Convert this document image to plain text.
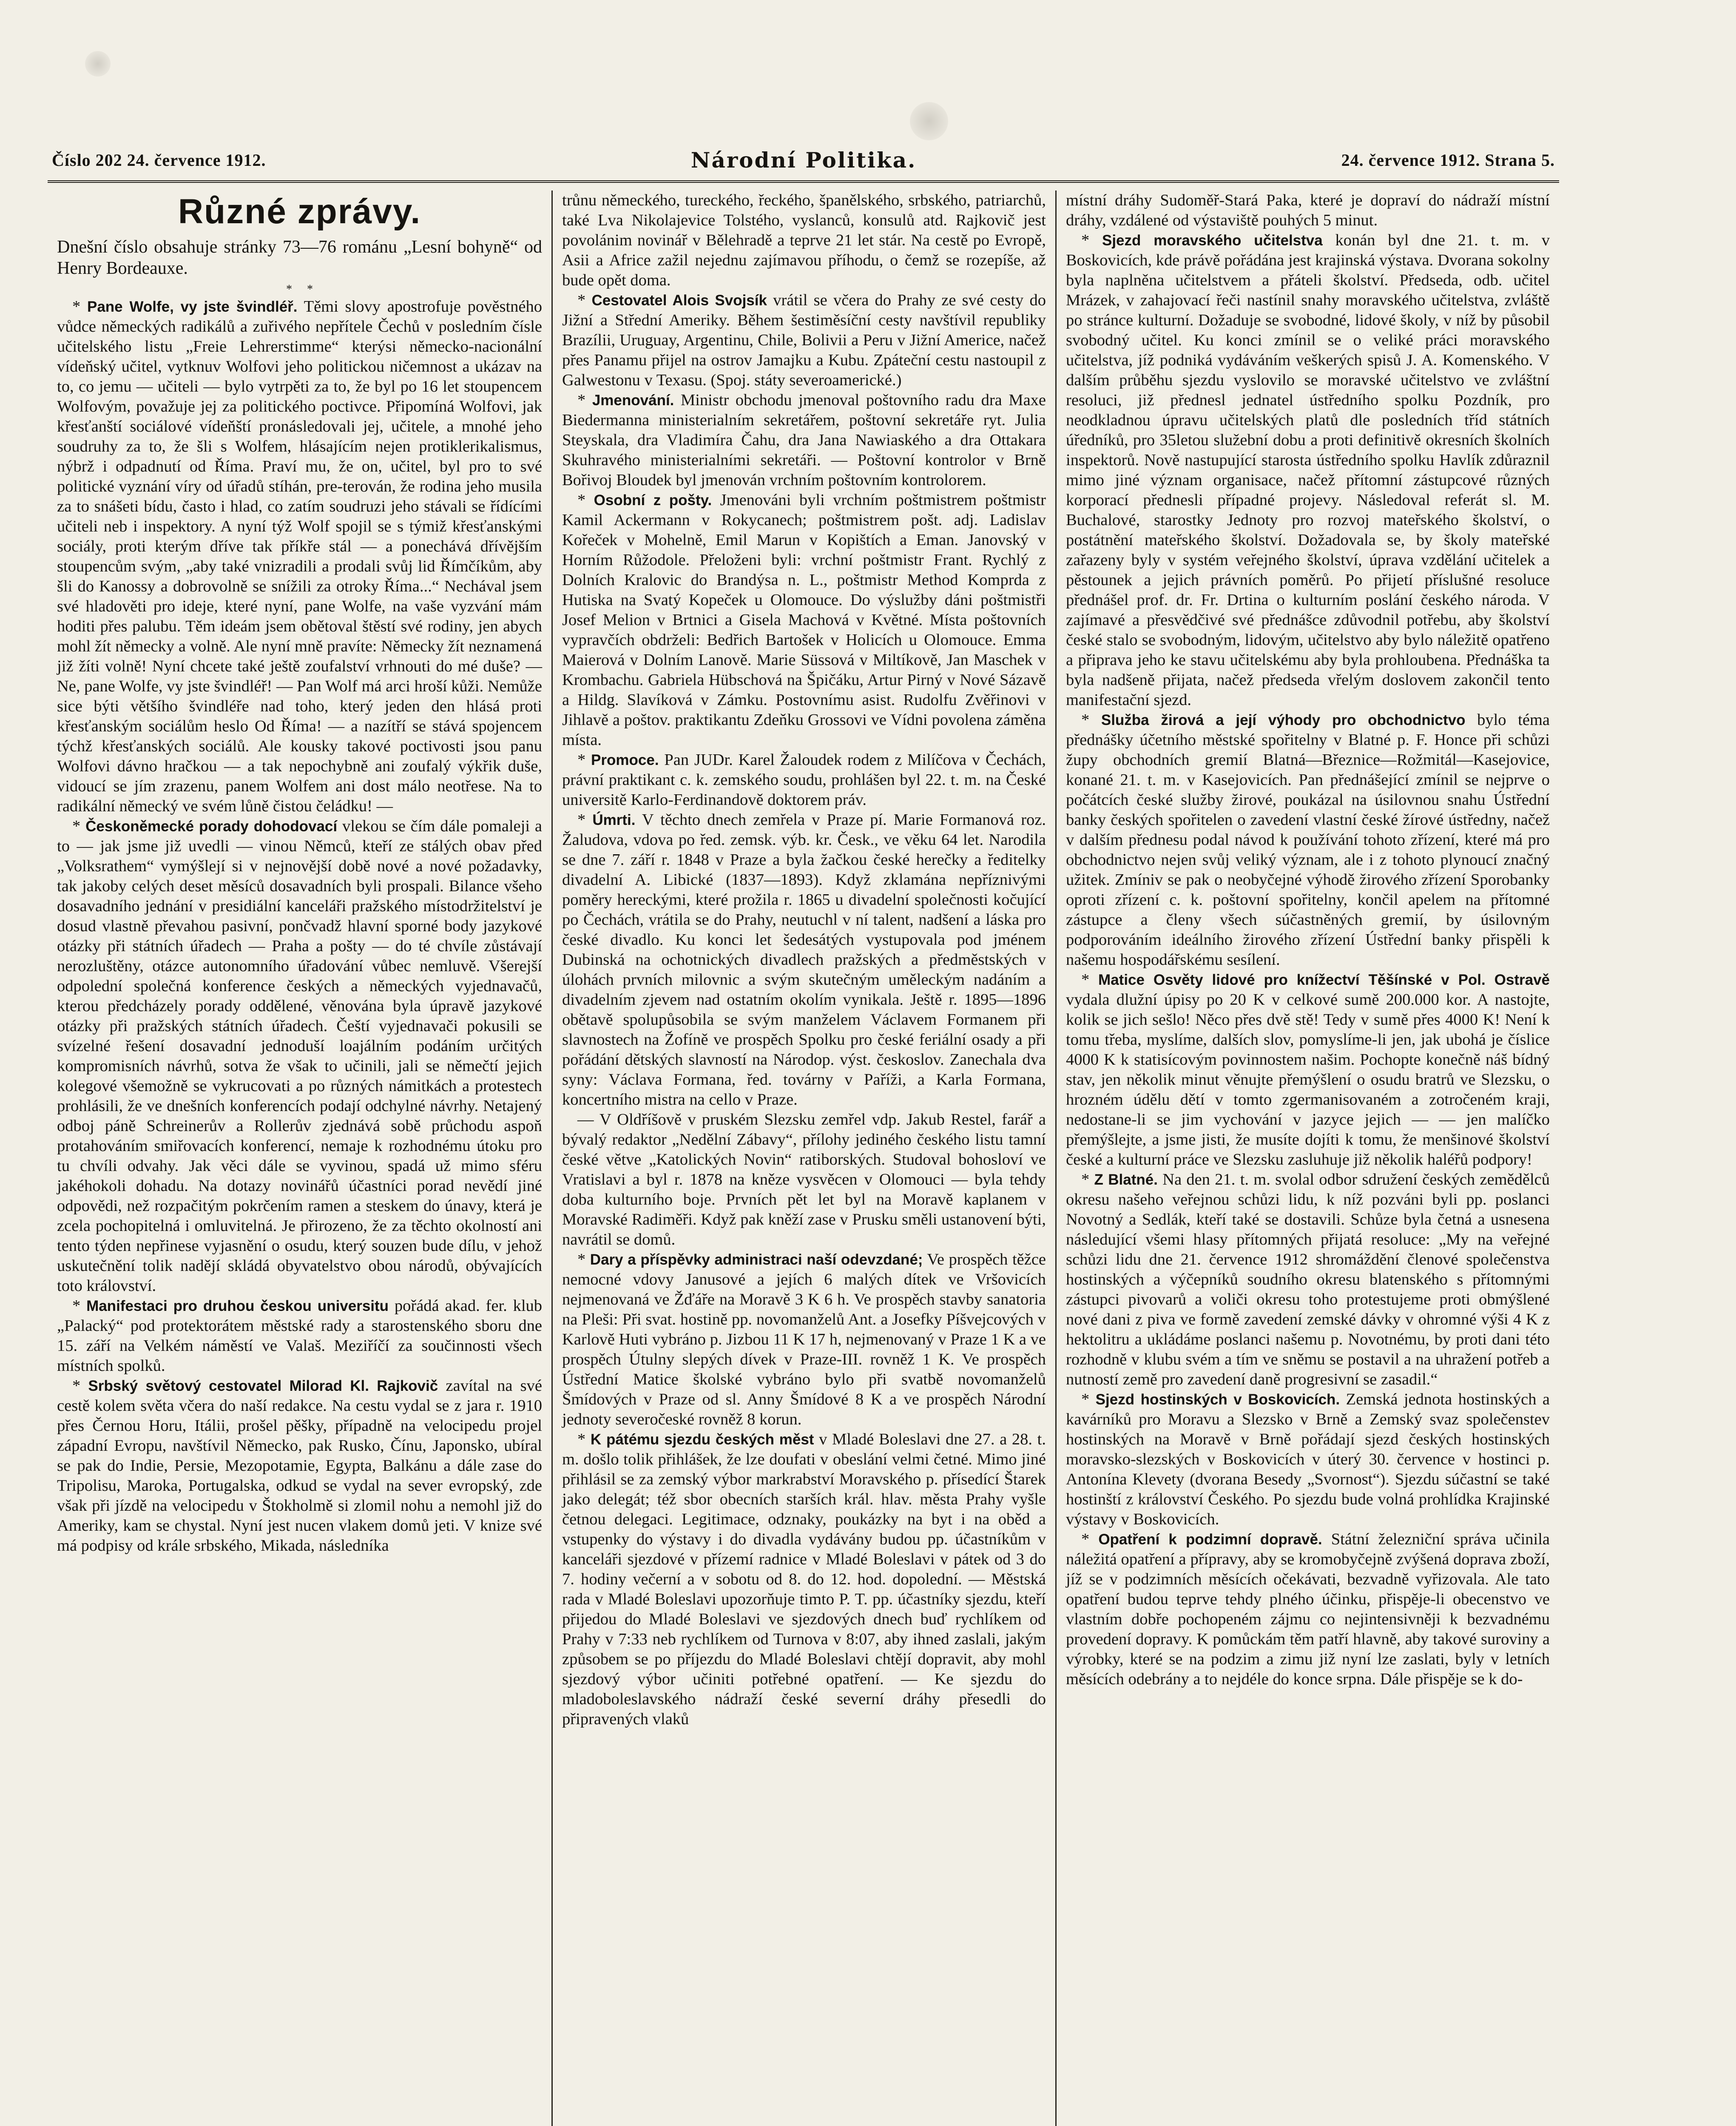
Číslo 202 24. července 1912.	Národní Politika.	24. července 1912. Strana 5.
Různé zprávy.
Dnešní číslo obsahuje stránky 73—76 románu „Lesní bohyně“ od Henry Bordeauxe.
*     *

* Pane Wolfe, vy jste švindléř. Těmi slovy apostrofuje pověstného vůdce německých radikálů a zuřivého nepřítele Čechů v posledním čísle učitelského listu „Freie Lehrerstimme“ kterýsi německo-nacionální vídeňský učitel, vytknuv Wolfovi jeho politickou ničemnost a ukázav na to, co jemu — učiteli — bylo vytrpěti za to, že byl po 16 let stoupencem Wolfovým, považuje jej za politického poctivce. Připomíná Wolfovi, jak křesťanští sociálové vídeňští pronásledovali jej, učitele, a mnohé jeho soudruhy za to, že šli s Wolfem, hlásajícím nejen protiklerikalismus, nýbrž i odpadnutí od Říma. Praví mu, že on, učitel, byl pro to své politické vyznání víry od úřadů stíhán, pre-terován, že rodina jeho musila za to snášeti bídu, často i hlad, co zatím soudruzi jeho stávali se řídícími učiteli neb i inspektory. A nyní týž Wolf spojil se s týmiž křesťanskými sociály, proti kterým dříve tak příkře stál — a ponechává dřívějším stoupencům svým, „aby také vnizradili a prodali svůj lid Římčíkům, aby šli do Kanossy a dobrovolně se snížili za otroky Říma...“ Nechával jsem své hladověti pro ideje, které nyní, pane Wolfe, na vaše vyzvání mám hoditi přes palubu. Těm ideám jsem obětoval štěstí své rodiny, jen abych mohl žít německy a volně. Ale nyní mně pravíte: Německy žít neznamená již žíti volně! Nyní chcete také ještě zoufalství vrhnouti do mé duše? — Ne, pane Wolfe, vy jste švindléř! — Pan Wolf má arci hroší kůži. Nemůže sice býti většího švindléře nad toho, který jeden den hlásá proti křesťanským sociálům heslo Od Říma! — a nazítří se stává spojencem týchž křesťanských sociálů. Ale kousky takové poctivosti jsou panu Wolfovi dávno hračkou — a tak nepochybně ani zoufalý výkřik duše, vidoucí se jím zrazenu, panem Wolfem ani dost málo neotřese. Na to radikální německý ve svém lůně čistou čeládku! —

* Českoněmecké porady dohodovací vlekou se čím dále pomaleji a to — jak jsme již uvedli — vinou Němců, kteří ze stálých obav před „Volksrathem“ vymýšlejí si v nejnovější době nové a nové požadavky, tak jakoby celých deset měsíců dosavadních byli prospali. Bilance všeho dosavadního jednání v presidiální kanceláři pražského místodržitelství je dosud vlastně převahou pasivní, pončvadž hlavní sporné body jazykové otázky při státních úřadech — Praha a pošty — do té chvíle zůstávají nerozluštěny, otázce autonomního úřadování vůbec nemluvě. Všerejší odpolední společná konference českých a německých vyjednavačů, kterou předcházely porady oddělené, věnována byla úpravě jazykové otázky při pražských státních úřadech. Čeští vyjednavači pokusili se svízelné řešení dosavadní jednoduší loajálním podáním určitých kompromisních návrhů, sotva že však to učinili, jali se němečtí jejich kolegové všemožně se vykrucovati a po různých námitkách a protestech prohlásili, že ve dnešních konferencích podají odchylné návrhy. Netajený odboj páně Schreinerův a Rollerův zjednává sobě průchodu aspoň protahováním smiřovacích konferencí, nemaje k rozhodnému útoku pro tu chvíli odvahy. Jak věci dále se vyvinou, spadá už mimo sféru jakéhokoli dohadu. Na dotazy novinářů účastníci porad nevědí jiné odpovědi, než rozpačitým pokrčením ramen a steskem do únavy, která je zcela pochopitelná i omluvitelná. Je přirozeno, že za těchto okolností ani tento týden nepřinese vyjasnění o osudu, který souzen bude dílu, v jehož uskutečnění tolik nadějí skládá obyvatelstvo obou národů, obývajících toto království.

* Manifestaci pro druhou českou universitu pořádá akad. fer. klub „Palacký“ pod protektorátem městské rady a starostenského sboru dne 15. září na Velkém náměstí ve Valaš. Meziříčí za součinnosti všech místních spolků.

* Srbský světový cestovatel Milorad Kl. Rajkovič zavítal na své cestě kolem světa včera do naší redakce. Na cestu vydal se z jara r. 1910 přes Černou Horu, Itálii, prošel pěšky, případně na velocipedu projel západní Evropu, navštívil Německo, pak Rusko, Čínu, Japonsko, ubíral se pak do Indie, Persie, Mezopotamie, Egypta, Balkánu a dále zase do Tripolisu, Maroka, Portugalska, odkud se vydal na sever evropský, zde však při jízdě na velocipedu v Štokholmě si zlomil nohu a nemohl již do Ameriky, kam se chystal. Nyní jest nucen vlakem domů jeti. V knize své má podpisy od krále srbského, Mikada, následníka

trůnu německého, tureckého, řeckého, španělského, srbského, patriarchů, také Lva Nikolajevice Tolstého, vyslanců, konsulů atd. Rajkovič jest povolánim novinář v Bělehradě a teprve 21 let stár. Na cestě po Evropě, Asii a Africe zažil nejednu zajímavou příhodu, o čemž se rozepíše, až bude opět doma.

* Cestovatel Alois Svojsík vrátil se včera do Prahy ze své cesty do Jižní a Střední Ameriky. Během šestiměsíční cesty navštívil republiky Brazílii, Uruguay, Argentinu, Chile, Bolivii a Peru v Jižní Americe, načež přes Panamu přijel na ostrov Jamajku a Kubu. Zpáteční cestu nastoupil z Galwestonu v Texasu. (Spoj. státy severoamerické.)

* Jmenování. Ministr obchodu jmenoval poštovního radu dra Maxe Biedermanna ministerialním sekretářem, poštovní sekretáře ryt. Julia Steyskala, dra Vladimíra Čahu, dra Jana Nawiaského a dra Ottakara Skuhravého ministerialními sekretáři. — Poštovní kontrolor v Brně Bořivoj Bloudek byl jmenován vrchním poštovním kontrolorem.

* Osobní z pošty. Jmenováni byli vrchním poštmistrem poštmistr Kamil Ackermann v Rokycanech; poštmistrem pošt. adj. Ladislav Kořeček v Mohelně, Emil Marun v Kopištích a Eman. Janovský v Horním Růžodole. Přeloženi byli: vrchní poštmistr Frant. Rychlý z Dolních Kralovic do Brandýsa n. L., poštmistr Method Komprda z Hutiska na Svatý Kopeček u Olomouce. Do výslužby dáni poštmistři Josef Melion v Brtnici a Gisela Machová v Květné. Místa poštovních vypravčích obdrželi: Bedřich Bartošek v Holicích u Olomouce. Emma Maierová v Dolním Lanově. Marie Süssová v Miltíkově, Jan Maschek v Krombachu. Gabriela Hübschová na Špičáku, Artur Pirný v Nové Sázavě a Hildg. Slavíková v Zámku. Postovnímu asist. Rudolfu Zvěřinovi v Jihlavě a poštov. praktikantu Zdeňku Grossovi ve Vídni povolena záměna místa.

* Promoce. Pan JUDr. Karel Žaloudek rodem z Milíčova v Čechách, právní praktikant c. k. zemského soudu, prohlášen byl 22. t. m. na České universitě Karlo-Ferdinandově doktorem práv.

* Úmrti. V těchto dnech zemřela v Praze pí. Marie Formanová roz. Žaludova, vdova po řed. zemsk. výb. kr. Česk., ve věku 64 let. Narodila se dne 7. září r. 1848 v Praze a byla žačkou české herečky a ředitelky divadelní A. Libické (1837—1893). Když zklamána nepříznivými poměry hereckými, které prožila r. 1865 u divadelní společnosti kočující po Čechách, vrátila se do Prahy, neutuchl v ní talent, nadšení a láska pro české divadlo. Ku konci let šedesátých vystupovala pod jménem Dubinská na ochotnických divadlech pražských a předměstských v úlohách prvních milovnic a svým skutečným uměleckým nadáním a divadelním zjevem nad ostatním okolím vynikala. Ještě r. 1895—1896 obětavě spolupůsobila se svým manželem Václavem Formanem při slavnostech na Žofíně ve prospěch Spolku pro české feriální osady a při pořádání dětských slavností na Národop. výst. českoslov. Zanechala dva syny: Václava Formana, řed. továrny v Paříži, a Karla Formana, koncertního mistra na cello v Praze.

— V Oldříšově v pruském Slezsku zemřel vdp. Jakub Restel, farář a bývalý redaktor „Nedělní Zábavy“, přílohy jediného českého listu tamní české větve „Katolických Novin“ ratiborských. Studoval bohosloví ve Vratislavi a byl r. 1878 na kněze vysvěcen v Olomouci — byla tehdy doba kulturního boje. Prvních pět let byl na Moravě kaplanem v Moravské Radiměři. Když pak kněží zase v Prusku směli ustanovení býti, navrátil se domů.

* Dary a příspěvky administraci naší odevzdané; Ve prospěch těžce nemocné vdovy Janusové a jejích 6 malých dítek ve Vršovicích nejmenovaná ve Žďáře na Moravě 3 K 6 h. Ve prospěch stavby sanatoria na Pleši: Při svat. hostině pp. novomanželů Ant. a Josefky Píšvejcových v Karlově Huti vybráno p. Jizbou 11 K 17 h, nejmenovaný v Praze 1 K a ve prospěch Útulny slepých dívek v Praze-III. rovněž 1 K. Ve prospěch Ústřední Matice školské vybráno bylo při svatbě novomanželů Šmídových v Praze od sl. Anny Šmídové 8 K a ve prospěch Národní jednoty severočeské rovněž 8 korun.

* K pátému sjezdu českých měst v Mladé Boleslavi dne 27. a 28. t. m. došlo tolik přihlášek, že lze doufati v obeslání velmi četné. Mimo jiné přihlásil se za zemský výbor markrabství Moravského p. přísedící Štarek jako delegát; též sbor obecních starších král. hlav. města Prahy vyšle četnou delegaci. Legitimace, odznaky, poukázky na byt i na oběd a vstupenky do výstavy i do divadla vydávány budou pp. účastníkům v kanceláři sjezdové v přízemí radnice v Mladé Boleslavi v pátek od 3 do 7. hodiny večerní a v sobotu od 8. do 12. hod. dopolední. — Městská rada v Mladé Boleslavi upozorňuje timto P. T. pp. účastníky sjezdu, kteří přijedou do Mladé Boleslavi ve sjezdových dnech buď rychlíkem od Prahy v 7:33 neb rychlíkem od Turnova v 8:07, aby ihned zaslali, jakým způsobem se po příjezdu do Mladé Boleslavi chtějí dopravit, aby mohl sjezdový výbor učiniti potřebné opatření. — Ke sjezdu do mladoboleslavského nádraží české severní dráhy přesedli do připravených vlaků

místní dráhy Sudoměř-Stará Paka, které je dopraví do nádraží místní dráhy, vzdálené od výstaviště pouhých 5 minut.

* Sjezd moravského učitelstva konán byl dne 21. t. m. v Boskovicích, kde právě pořádána jest krajinská výstava. Dvorana sokolny byla naplněna učitelstvem a přáteli školství. Předseda, odb. učitel Mrázek, v zahajovací řeči nastínil snahy moravského učitelstva, zvláště po stránce kulturní. Dožaduje se svobodné, lidové školy, v níž by působil svobodný učitel. Ku konci zmínil se o veliké práci moravského učitelstva, jíž podniká vydáváním veškerých spisů J. A. Komenského. V dalším průběhu sjezdu vyslovilo se moravské učitelstvo ve zvláštní resoluci, již přednesl jednatel ústředního spolku Pozdník, pro neodkladnou úpravu učitelských platů dle posledních tříd státních úředníků, pro 35letou služební dobu a proti definitivě okresních školních inspektorů. Nově nastupující starosta ústředního spolku Havlík zdůraznil mimo jiné význam organisace, načež přítomní zástupcové různých korporací přednesli případné projevy. Následoval referát sl. M. Buchalové, starostky Jednoty pro rozvoj mateřského školství, o postátnění mateřského školství. Dožadovala se, by školy mateřské zařazeny byly v systém veřejného školství, úprava vzdělání učitelek a pěstounek a jejich právních poměrů. Po přijetí příslušné resoluce přednášel prof. dr. Fr. Drtina o kulturním poslání českého národa. V zajímavé a přesvědčivé své přednášce zdůvodnil potřebu, aby školství české stalo se svobodným, lidovým, učitelstvo aby bylo náležitě opatřeno a připrava jeho ke stavu učitelskému aby byla prohloubena. Přednáška ta byla nadšeně přijata, načež předseda vřelým doslovem zakončil tento manifestační sjezd.

* Služba žirová a její výhody pro obchodnictvo bylo téma přednášky účetního městské spořitelny v Blatné p. F. Honce při schůzi župy obchodních gremií Blatná—Březnice—Rožmitál—Kasejovice, konané 21. t. m. v Kasejovicích. Pan přednášející zmínil se nejprve o počátcích české služby žirové, poukázal na úsilovnou snahu Ústřední banky českých spořitelen o zavedení vlastní české žírové ústředny, načež v dalším přednesu podal návod k používání tohoto zřízení, které má pro obchodnictvo nejen svůj veliký význam, ale i z tohoto plynoucí značný užitek. Zmíniv se pak o neobyčejné výhodě žirového zřízení Sporobanky oproti zřízení c. k. poštovní spořitelny, končil apelem na přítomné zástupce a členy všech súčastněných gremií, by úsilovným podporováním ideálního žirového zřízení Ústřední banky přispěli k našemu hospodářskému sesílení.

* Matice Osvěty lidové pro knížectví Těšínské v Pol. Ostravě vydala dlužní úpisy po 20 K v celkové sumě 200.000 kor. A nastojte, kolik se jich sešlo! Něco přes dvě stě! Tedy v sumě přes 4000 K! Není k tomu třeba, myslíme, dalších slov, pomyslíme-li jen, jak ubohá je číslice 4000 K k statisícovým povinnostem našim. Pochopte konečně náš bídný stav, jen několik minut věnujte přemýšlení o osudu bratrů ve Slezsku, o hrozném údělu dětí v tomto zgermanisovaném a zotročeném kraji, nedostane-li se jim vychování v jazyce jejich — — jen malíčko přemýšlejte, a jsme jisti, že musíte dojíti k tomu, že menšinové školství české a kulturní práce ve Slezsku zasluhuje již několik haléřů podpory!

* Z Blatné. Na den 21. t. m. svolal odbor sdružení českých zemědělců okresu našeho veřejnou schůzi lidu, k níž pozváni byli pp. poslanci Novotný a Sedlák, kteří také se dostavili. Schůze byla četná a usnesena následující všemi hlasy přítomných přijatá resoluce: „My na veřejné schůzi lidu dne 21. července 1912 shromáždění členové společenstva hostinských a výčepníků soudního okresu blatenského s přítomnými zástupci pivovarů a voliči okresu toho protestujeme proti obmýšlené nové dani z piva ve formě zavedení zemské dávky v ohromné výši 4 K z hektolitru a ukládáme poslanci našemu p. Novotnému, by proti dani této rozhodně v klubu svém a tím ve sněmu se postavil a na uhražení potřeb a nutností země pro zavedení daně progresivní se zasadil.“

* Sjezd hostinských v Boskovicích. Zemská jednota hostinských a kavárníků pro Moravu a Slezsko v Brně a Zemský svaz společenstev hostinských na Moravě v Brně pořádají sjezd českých hostinských moravsko-slezských v Boskovicích v úterý 30. července v hostinci p. Antonína Klevety (dvorana Besedy „Svornost“). Sjezdu súčastní se také hostinští z království Českého. Po sjezdu bude volná prohlídka Krajinské výstavy v Boskovicích.

* Opatření k podzimní dopravě. Státní železniční správa učinila náležitá opatření a přípravy, aby se kromobyčejně zvýšená doprava zboží, jíž se v podzimních měsících očekávati, bezvadně vyřizovala. Ale tato opatření budou teprve tehdy plného účinku, přispěje-li obecenstvo ve vlastním dobře pochopeném zájmu co nejintensivněji k bezvadnému provedení dopravy. K pomůckám těm patří hlavně, aby takové suroviny a výrobky, které se na podzim a zimu již nyní lze zaslati, byly v letních měsících odebrány a to nejdéle do konce srpna. Dále přispěje se k do-
